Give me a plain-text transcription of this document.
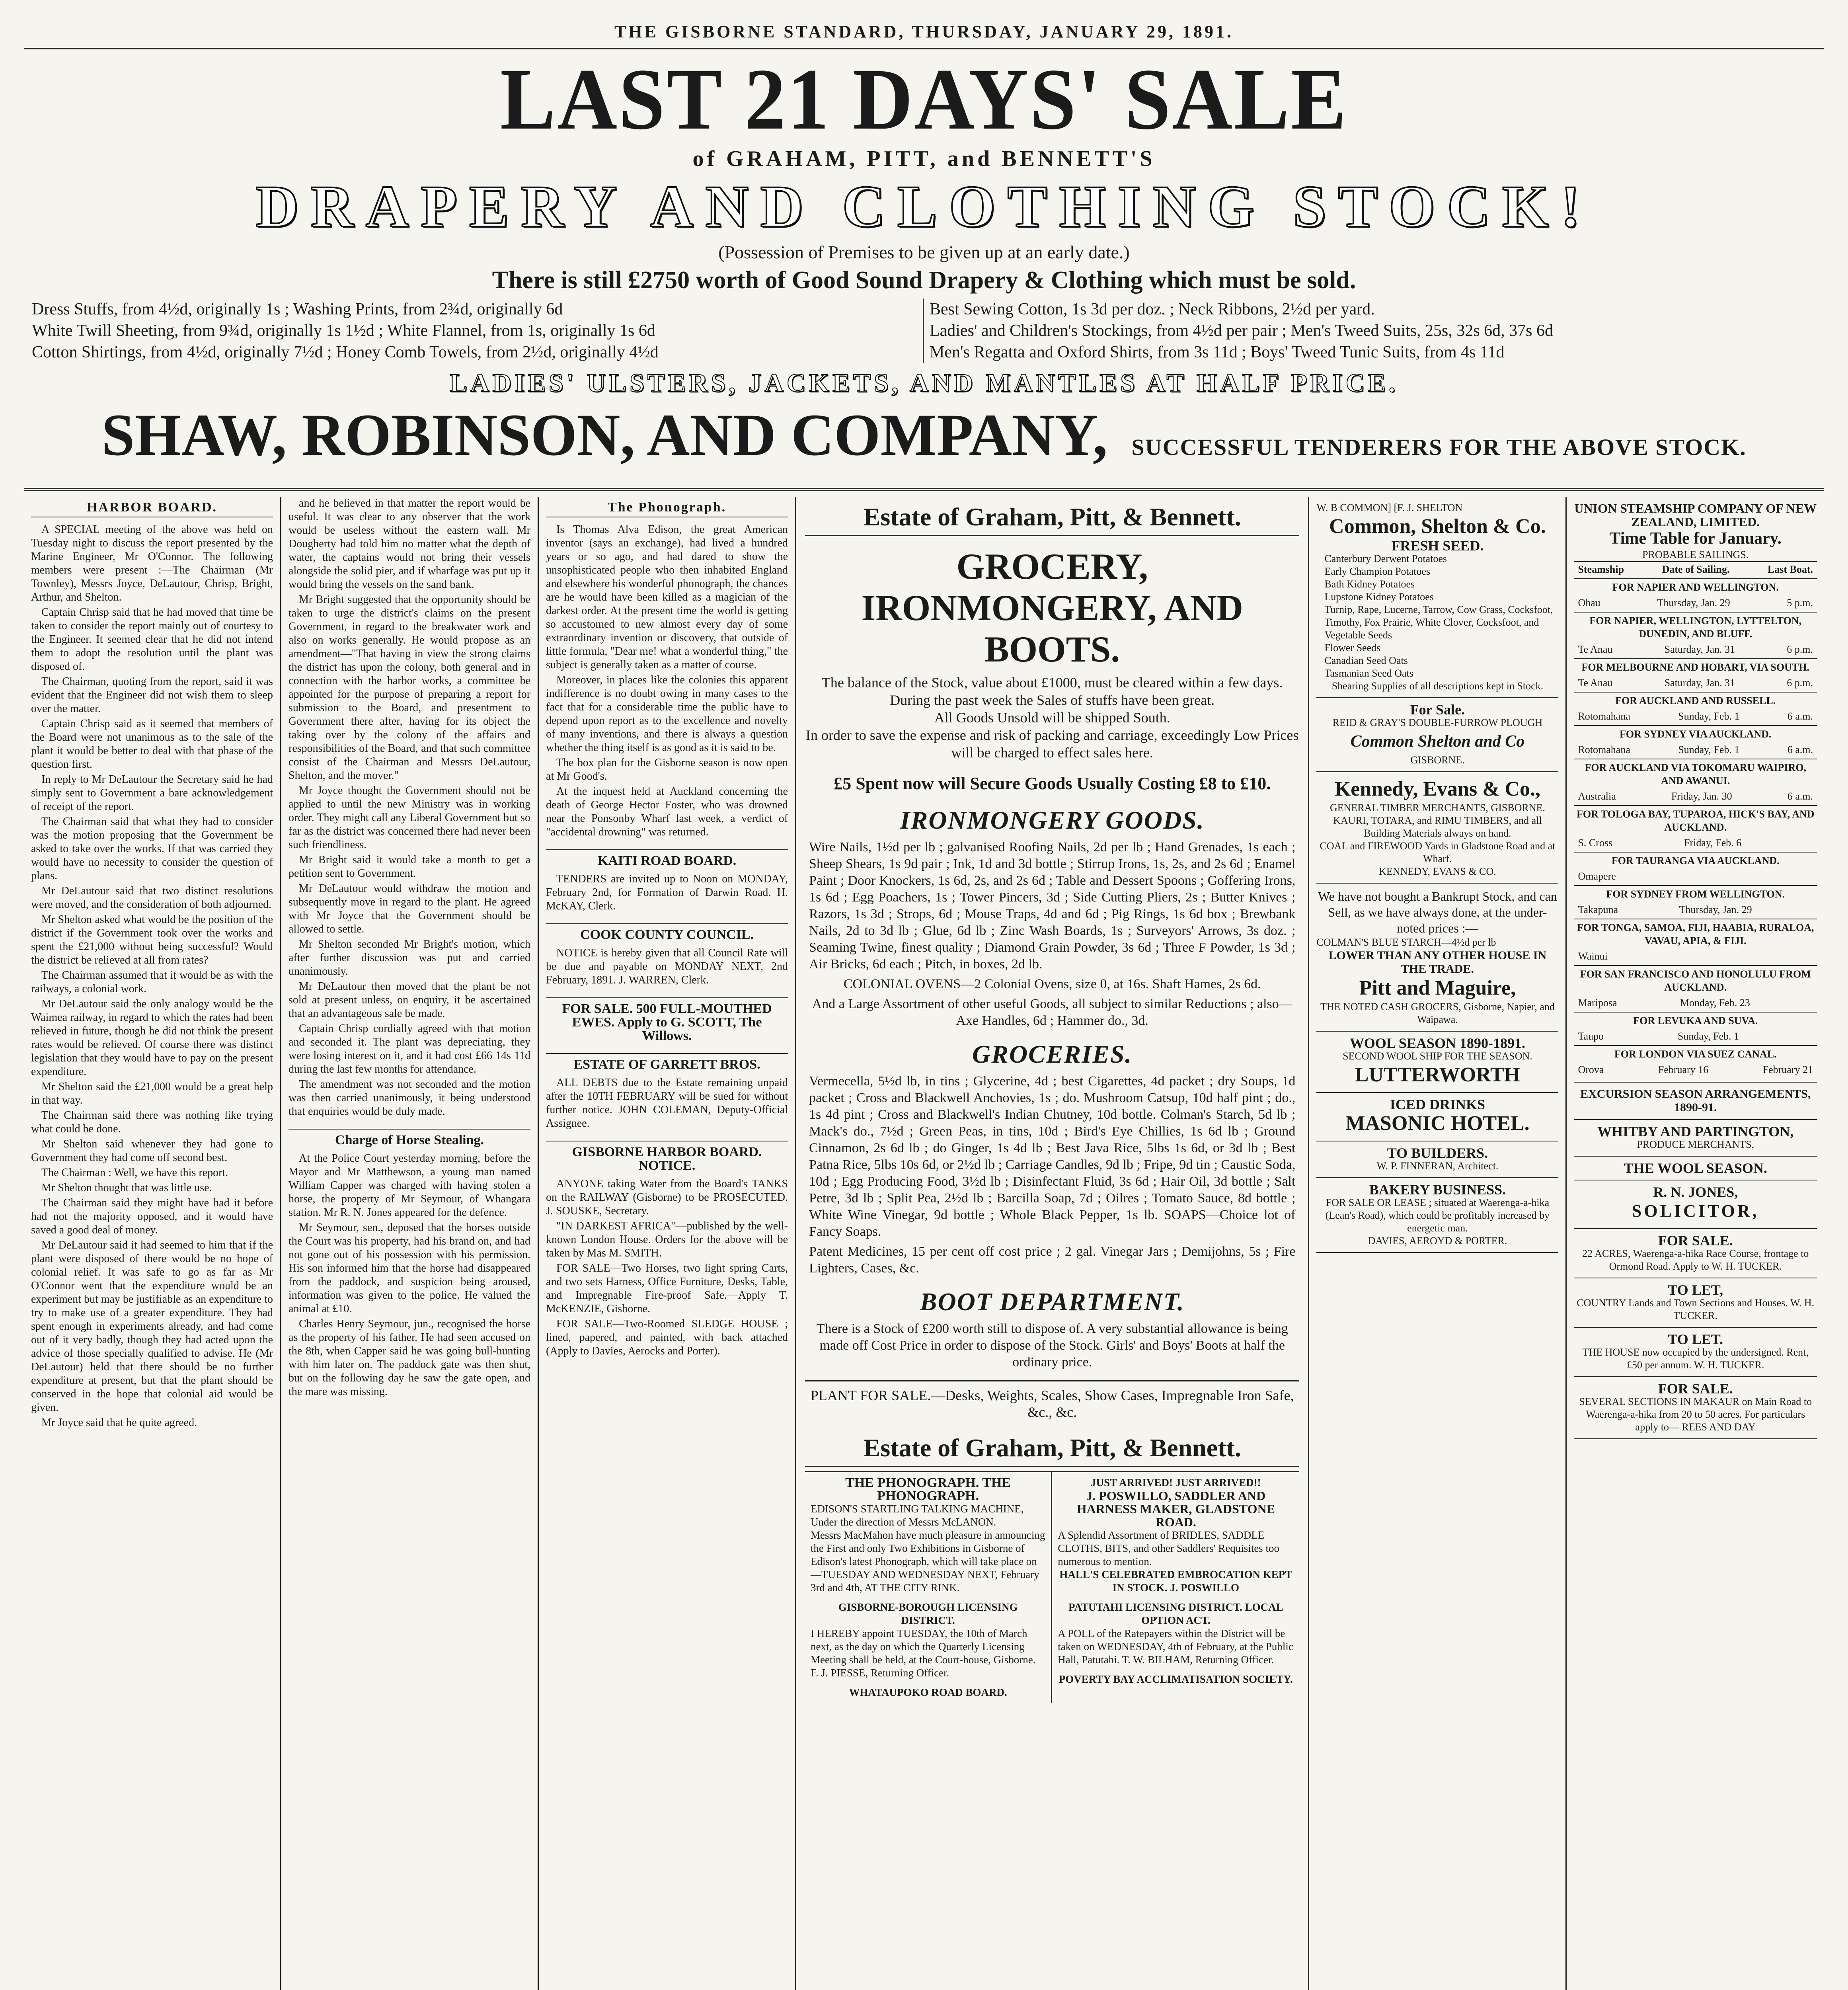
THE GISBORNE STANDARD, THURSDAY, JANUARY 29, 1891.
LAST 21 DAYS' SALE
of GRAHAM, PITT, and BENNETT'S
DRAPERY AND CLOTHING STOCK!
(Possession of Premises to be given up at an early date.)
There is still £2750 worth of Good Sound Drapery & Clothing which must be sold.
Dress Stuffs, from 4½d, originally 1s ; Washing Prints, from 2¾d, originally 6d	Best Sewing Cotton, 1s 3d per doz. ; Neck Ribbons, 2½d per yard.
White Twill Sheeting, from 9¾d, originally 1s 1½d ; White Flannel, from 1s, originally 1s 6d	Ladies' and Children's Stockings, from 4½d per pair ; Men's Tweed Suits, 25s, 32s 6d, 37s 6d
Cotton Shirtings, from 4½d, originally 7½d ; Honey Comb Towels, from 2½d, originally 4½d	Men's Regatta and Oxford Shirts, from 3s 11d ; Boys' Tweed Tunic Suits, from 4s 11d
LADIES' ULSTERS, JACKETS, AND MANTLES AT HALF PRICE.
SHAW, ROBINSON, AND COMPANY, SUCCESSFUL TENDERERS FOR THE ABOVE STOCK.
HARBOR BOARD.

A SPECIAL meeting of the above was held on Tuesday night to discuss the report presented by the Marine Engineer, Mr O'Connor. The following members were present :—The Chairman (Mr Townley), Messrs Joyce, DeLautour, Chrisp, Bright, Arthur, and Shelton.

Captain Chrisp said that he had moved that time be taken to consider the report mainly out of courtesy to the Engineer. It seemed clear that he did not intend them to adopt the resolution until the plant was disposed of.

The Chairman, quoting from the report, said it was evident that the Engineer did not wish them to sleep over the matter.

Captain Chrisp said as it seemed that members of the Board were not unanimous as to the sale of the plant it would be better to deal with that phase of the question first.

In reply to Mr DeLautour the Secretary said he had simply sent to Government a bare acknowledgement of receipt of the report.

The Chairman said that what they had to consider was the motion proposing that the Government be asked to take over the works. If that was carried they would have no necessity to consider the question of plans.

Mr DeLautour said that two distinct resolutions were moved, and the consideration of both adjourned.

Mr Shelton asked what would be the position of the district if the Government took over the works and spent the £21,000 without being successful? Would the district be relieved at all from rates?

The Chairman assumed that it would be as with the railways, a colonial work.

Mr DeLautour said the only analogy would be the Waimea railway, in regard to which the rates had been relieved in future, though he did not think the present rates would be relieved. Of course there was distinct legislation that they would have to pay on the present expenditure.

Mr Shelton said the £21,000 would be a great help in that way.

The Chairman said there was nothing like trying what could be done.

Mr Shelton said whenever they had gone to Government they had come off second best.

The Chairman : Well, we have this report.

Mr Shelton thought that was little use.

The Chairman said they might have had it before had not the majority opposed, and it would have saved a good deal of money.

Mr DeLautour said it had seemed to him that if the plant were disposed of there would be no hope of colonial relief. It was safe to go as far as Mr O'Connor went that the expenditure would be an experiment but may be justifiable as an expenditure to try to make use of a greater expenditure. They had spent enough in experiments already, and had come out of it very badly, though they had acted upon the advice of those specially qualified to advise. He (Mr DeLautour) held that there should be no further expenditure at present, but that the plant should be conserved in the hope that colonial aid would be given.

Mr Joyce said that he quite agreed.

and he believed in that matter the report would be useful. It was clear to any observer that the work would be useless without the eastern wall. Mr Dougherty had told him no matter what the depth of water, the captains would not bring their vessels alongside the solid pier, and if wharfage was put up it would bring the vessels on the sand bank.

Mr Bright suggested that the opportunity should be taken to urge the district's claims on the present Government, in regard to the breakwater work and also on works generally. He would propose as an amendment—"That having in view the strong claims the district has upon the colony, both general and in connection with the harbor works, a committee be appointed for the purpose of preparing a report for submission to the Board, and presentment to Government there after, having for its object the taking over by the colony of the affairs and responsibilities of the Board, and that such committee consist of the Chairman and Messrs DeLautour, Shelton, and the mover."

Mr Joyce thought the Government should not be applied to until the new Ministry was in working order. They might call any Liberal Government but so far as the district was concerned there had never been such friendliness.

Mr Bright said it would take a month to get a petition sent to Government.

Mr DeLautour would withdraw the motion and subsequently move in regard to the plant. He agreed with Mr Joyce that the Government should be allowed to settle.

Mr Shelton seconded Mr Bright's motion, which after further discussion was put and carried unanimously.

Mr DeLautour then moved that the plant be not sold at present unless, on enquiry, it be ascertained that an advantageous sale be made.

Captain Chrisp cordially agreed with that motion and seconded it. The plant was depreciating, they were losing interest on it, and it had cost £66 14s 11d during the last few months for attendance.

The amendment was not seconded and the motion was then carried unanimously, it being understood that enquiries would be duly made.

Charge of Horse Stealing.

At the Police Court yesterday morning, before the Mayor and Mr Matthewson, a young man named William Capper was charged with having stolen a horse, the property of Mr Seymour, of Whangara station. Mr R. N. Jones appeared for the defence.

Mr Seymour, sen., deposed that the horses outside the Court was his property, had his brand on, and had not gone out of his possession with his permission. His son informed him that the horse had disappeared from the paddock, and suspicion being aroused, information was given to the police. He valued the animal at £10.

Charles Henry Seymour, jun., recognised the horse as the property of his father. He had seen accused on the 8th, when Capper said he was going bull-hunting with him later on. The paddock gate was then shut, but on the following day he saw the gate open, and the mare was missing.

The Phonograph.

Is Thomas Alva Edison, the great American inventor (says an exchange), had lived a hundred years or so ago, and had dared to show the unsophisticated people who then inhabited England and elsewhere his wonderful phonograph, the chances are he would have been killed as a magician of the darkest order. At the present time the world is getting so accustomed to new almost every day of some extraordinary invention or discovery, that outside of little formula, "Dear me! what a wonderful thing," the subject is generally taken as a matter of course.

Moreover, in places like the colonies this apparent indifference is no doubt owing in many cases to the fact that for a considerable time the public have to depend upon report as to the excellence and novelty of many inventions, and there is always a question whether the thing itself is as good as it is said to be.

The box plan for the Gisborne season is now open at Mr Good's.

At the inquest held at Auckland concerning the death of George Hector Foster, who was drowned near the Ponsonby Wharf last week, a verdict of "accidental drowning" was returned.

KAITI ROAD BOARD.

TENDERS are invited up to Noon on MONDAY, February 2nd, for Formation of Darwin Road. H. McKAY, Clerk.

COOK COUNTY COUNCIL.

NOTICE is hereby given that all Council Rate will be due and payable on MONDAY NEXT, 2nd February, 1891. J. WARREN, Clerk.

FOR SALE. 500 FULL-MOUTHED EWES. Apply to G. SCOTT, The Willows.
ESTATE OF GARRETT BROS.

ALL DEBTS due to the Estate remaining unpaid after the 10TH FEBRUARY will be sued for without further notice. JOHN COLEMAN, Deputy-Official Assignee.

GISBORNE HARBOR BOARD. NOTICE.

ANYONE taking Water from the Board's TANKS on the RAILWAY (Gisborne) to be PROSECUTED. J. SOUSKE, Secretary.

"IN DARKEST AFRICA"—published by the well-known London House. Orders for the above will be taken by Mas M. SMITH.

FOR SALE—Two Horses, two light spring Carts, and two sets Harness, Office Furniture, Desks, Table, and Impregnable Fire-proof Safe.—Apply T. McKENZIE, Gisborne.

FOR SALE—Two-Roomed SLEDGE HOUSE ; lined, papered, and painted, with back attached (Apply to Davies, Aerocks and Porter).

Estate of Graham, Pitt, & Bennett.
GROCERY, IRONMONGERY, AND BOOTS.
The balance of the Stock, value about £1000, must be cleared within a few days.
During the past week the Sales of stuffs have been great.
All Goods Unsold will be shipped South.
In order to save the expense and risk of packing and carriage, exceedingly Low Prices will be charged to effect sales here.
£5 Spent now will Secure Goods Usually Costing £8 to £10.
IRONMONGERY GOODS.
Wire Nails, 1½d per lb ; galvanised Roofing Nails, 2d per lb ; Hand Grenades, 1s each ; Sheep Shears, 1s 9d pair ; Ink, 1d and 3d bottle ; Stirrup Irons, 1s, 2s, and 2s 6d ; Enamel Paint ; Door Knockers, 1s 6d, 2s, and 2s 6d ; Table and Dessert Spoons ; Goffering Irons, 1s 6d ; Egg Poachers, 1s ; Tower Pincers, 3d ; Side Cutting Pliers, 2s ; Butter Knives ; Razors, 1s 3d ; Strops, 6d ; Mouse Traps, 4d and 6d ; Pig Rings, 1s 6d box ; Brewbank Nails, 2d to 3d lb ; Glue, 6d lb ; Zinc Wash Boards, 1s ; Surveyors' Arrows, 3s doz. ; Seaming Twine, finest quality ; Diamond Grain Powder, 3s 6d ; Three F Powder, 1s 3d ; Air Bricks, 6d each ; Pitch, in boxes, 2d lb.
COLONIAL OVENS—2 Colonial Ovens, size 0, at 16s. Shaft Hames, 2s 6d.
And a Large Assortment of other useful Goods, all subject to similar Reductions ; also—Axe Handles, 6d ; Hammer do., 3d.
GROCERIES.
Vermecella, 5½d lb, in tins ; Glycerine, 4d ; best Cigarettes, 4d packet ; dry Soups, 1d packet ; Cross and Blackwell Anchovies, 1s ; do. Mushroom Catsup, 10d half pint ; do., 1s 4d pint ; Cross and Blackwell's Indian Chutney, 10d bottle. Colman's Starch, 5d lb ; Mack's do., 7½d ; Green Peas, in tins, 10d ; Bird's Eye Chillies, 1s 6d lb ; Ground Cinnamon, 2s 6d lb ; do Ginger, 1s 4d lb ; Best Java Rice, 5lbs 1s 6d, or 3d lb ; Best Patna Rice, 5lbs 10s 6d, or 2½d lb ; Carriage Candles, 9d lb ; Fripe, 9d tin ; Caustic Soda, 10d ; Egg Producing Food, 3½d lb ; Disinfectant Fluid, 3s 6d ; Hair Oil, 3d bottle ; Salt Petre, 3d lb ; Split Pea, 2½d lb ; Barcilla Soap, 7d ; Oilres ; Tomato Sauce, 8d bottle ; White Wine Vinegar, 9d bottle ; Whole Black Pepper, 1s lb. SOAPS—Choice lot of Fancy Soaps.
Patent Medicines, 15 per cent off cost price ; 2 gal. Vinegar Jars ; Demijohns, 5s ; Fire Lighters, Cases, &c.
BOOT DEPARTMENT.
There is a Stock of £200 worth still to dispose of. A very substantial allowance is being made off Cost Price in order to dispose of the Stock. Girls' and Boys' Boots at half the ordinary price.
PLANT FOR SALE.—Desks, Weights, Scales, Show Cases, Impregnable Iron Safe, &c., &c.
Estate of Graham, Pitt, & Bennett.

THE PHONOGRAPH. THE PHONOGRAPH.

EDISON'S STARTLING TALKING MACHINE, Under the direction of Messrs McLANON.

Messrs MacMahon have much pleasure in announcing the First and only Two Exhibitions in Gisborne of Edison's latest Phonograph, which will take place on—TUESDAY AND WEDNESDAY NEXT, February 3rd and 4th, AT THE CITY RINK.

GISBORNE-BOROUGH LICENSING DISTRICT.

I HEREBY appoint TUESDAY, the 10th of March next, as the day on which the Quarterly Licensing Meeting shall be held, at the Court-house, Gisborne. F. J. PIESSE, Returning Officer.

WHATAUPOKO ROAD BOARD.

JUST ARRIVED! JUST ARRIVED!!

J. POSWILLO, SADDLER AND HARNESS MAKER, GLADSTONE ROAD.

A Splendid Assortment of BRIDLES, SADDLE CLOTHS, BITS, and other Saddlers' Requisites too numerous to mention.

HALL'S CELEBRATED EMBROCATION KEPT IN STOCK. J. POSWILLO

PATUTAHI LICENSING DISTRICT. LOCAL OPTION ACT.

A POLL of the Ratepayers within the District will be taken on WEDNESDAY, 4th of February, at the Public Hall, Patutahi. T. W. BILHAM, Returning Officer.

POVERTY BAY ACCLIMATISATION SOCIETY.

W. B COMMON] [F. J. SHELTON
Common, Shelton & Co.
FRESH SEED.
Canterbury Derwent Potatoes
Early Champion Potatoes
Bath Kidney Potatoes
Lupstone Kidney Potatoes
Turnip, Rape, Lucerne, Tarrow, Cow Grass, Cocksfoot, Timothy, Fox Prairie, White Clover, Cocksfoot, and Vegetable Seeds
Flower Seeds
Canadian Seed Oats
Tasmanian Seed Oats
Shearing Supplies of all descriptions kept in Stock.
For Sale.
REID & GRAY'S DOUBLE-FURROW PLOUGH
Common Shelton and Co
GISBORNE.
Kennedy, Evans & Co.,
GENERAL TIMBER MERCHANTS, GISBORNE.
KAURI, TOTARA, and RIMU TIMBERS, and all Building Materials always on hand.
COAL and FIREWOOD Yards in Gladstone Road and at Wharf.
KENNEDY, EVANS & CO.
We have not bought a Bankrupt Stock, and can Sell, as we have always done, at the under-noted prices :—
COLMAN'S BLUE STARCH—4½d per lb
LOWER THAN ANY OTHER HOUSE IN THE TRADE.
Pitt and Maguire,
THE NOTED CASH GROCERS, Gisborne, Napier, and Waipawa.
WOOL SEASON 1890-1891.
SECOND WOOL SHIP FOR THE SEASON.
LUTTERWORTH
ICED DRINKS
MASONIC HOTEL.
TO BUILDERS.
W. P. FINNERAN, Architect.
BAKERY BUSINESS.
FOR SALE OR LEASE ; situated at Waerenga-a-hika (Lean's Road), which could be profitably increased by energetic man.
DAVIES, AEROYD & PORTER.
UNION STEAMSHIP COMPANY OF NEW ZEALAND, LIMITED.
Time Table for January.
PROBABLE SAILINGS.
Steamship	Date of Sailing.	Last Boat.
FOR NAPIER AND WELLINGTON.
Ohau	Thursday, Jan. 29	5 p.m.
FOR NAPIER, WELLINGTON, LYTTELTON, DUNEDIN, AND BLUFF.
Te Anau	Saturday, Jan. 31	6 p.m.
FOR MELBOURNE AND HOBART, VIA SOUTH.
Te Anau	Saturday, Jan. 31	6 p.m.
FOR AUCKLAND AND RUSSELL.
Rotomahana	Sunday, Feb. 1	6 a.m.
FOR SYDNEY VIA AUCKLAND.
Rotomahana	Sunday, Feb. 1	6 a.m.
FOR AUCKLAND VIA TOKOMARU WAIPIRO, AND AWANUI.
Australia	Friday, Jan. 30	6 a.m.
FOR TOLOGA BAY, TUPAROA, HICK'S BAY, AND AUCKLAND.
S. Cross	Friday, Feb. 6
FOR TAURANGA VIA AUCKLAND.
Omapere
FOR SYDNEY FROM WELLINGTON.
Takapuna	Thursday, Jan. 29
FOR TONGA, SAMOA, FIJI, HAABIA, RURALOA, VAVAU, APIA, & FIJI.
Wainui
FOR SAN FRANCISCO AND HONOLULU FROM AUCKLAND.
Mariposa	Monday, Feb. 23
FOR LEVUKA AND SUVA.
Taupo	Sunday, Feb. 1
FOR LONDON VIA SUEZ CANAL.
Orova	February 16	February 21
EXCURSION SEASON ARRANGEMENTS, 1890-91.
WHITBY AND PARTINGTON,
PRODUCE MERCHANTS,
THE WOOL SEASON.
R. N. JONES,
SOLICITOR,
FOR SALE.
22 ACRES, Waerenga-a-hika Race Course, frontage to Ormond Road. Apply to W. H. TUCKER.
TO LET,
COUNTRY Lands and Town Sections and Houses. W. H. TUCKER.
TO LET.
THE HOUSE now occupied by the undersigned. Rent, £50 per annum. W. H. TUCKER.
FOR SALE.
SEVERAL SECTIONS IN MAKAUR on Main Road to Waerenga-a-hika from 20 to 50 acres. For particulars apply to— REES AND DAY
